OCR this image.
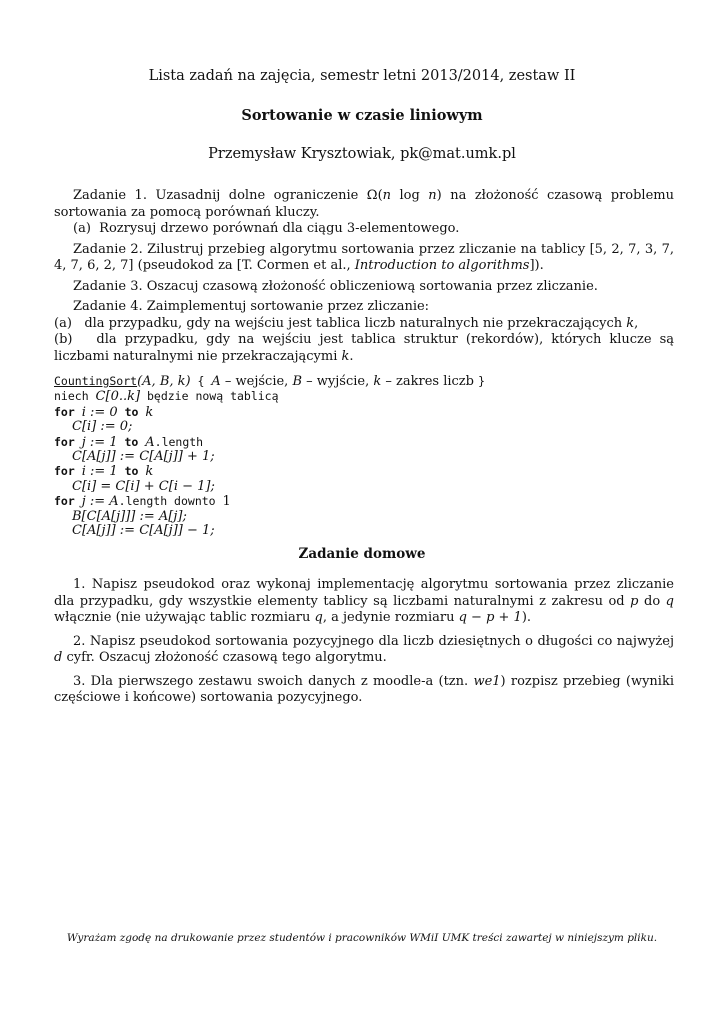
Lista zadań na zajęcia, semestr letni 2013/2014, zestaw II
Sortowanie w czasie liniowym
Przemysław Krysztowiak, pk@mat.umk.pl

Zadanie 1. Uzasadnij dolne ograniczenie Ω(n log n) na złożoność czasową problemu sortowania za pomocą porównań kluczy.

(a) Rozrysuj drzewo porównań dla ciągu 3-elementowego.

Zadanie 2. Zilustruj przebieg algorytmu sortowania przez zliczanie na tablicy [5, 2, 7, 3, 7, 4, 7, 6, 2, 7] (pseudokod za [T. Cormen et al., Introduction to algorithms]).

Zadanie 3. Oszacuj czasową złożoność obliczeniową sortowania przez zliczanie.

Zadanie 4. Zaimplementuj sortowanie przez zliczanie:

(a) dla przypadku, gdy na wejściu jest tablica liczb naturalnych nie przekraczających k,

(b) dla przypadku, gdy na wejściu jest tablica struktur (rekordów), których klucze są liczbami naturalnymi nie przekraczającymi k.

CountingSort(A, B, k) { A – wejście, B – wyjście, k – zakres liczb }
niech C[0..k] będzie nową tablicą
for i := 0 to k
C[i] := 0;
for j := 1 to A.length
C[A[j]] := C[A[j]] + 1;
for i := 1 to k
C[i] = C[i] + C[i − 1];
for j := A.length downto 1
B[C[A[j]]] := A[j];
C[A[j]] := C[A[j]] − 1;
Zadanie domowe

1. Napisz pseudokod oraz wykonaj implementację algorytmu sortowania przez zliczanie dla przypadku, gdy wszystkie elementy tablicy są liczbami naturalnymi z zakresu od p do q włącznie (nie używając tablic rozmiaru q, a jedynie rozmiaru q − p + 1).

2. Napisz pseudokod sortowania pozycyjnego dla liczb dziesiętnych o długości co najwyżej d cyfr. Oszacuj złożoność czasową tego algorytmu.

3. Dla pierwszego zestawu swoich danych z moodle-a (tzn. we1) rozpisz przebieg (wyniki częściowe i końcowe) sortowania pozycyjnego.

Wyrażam zgodę na drukowanie przez studentów i pracowników WMiI UMK treści zawartej w niniejszym pliku.
